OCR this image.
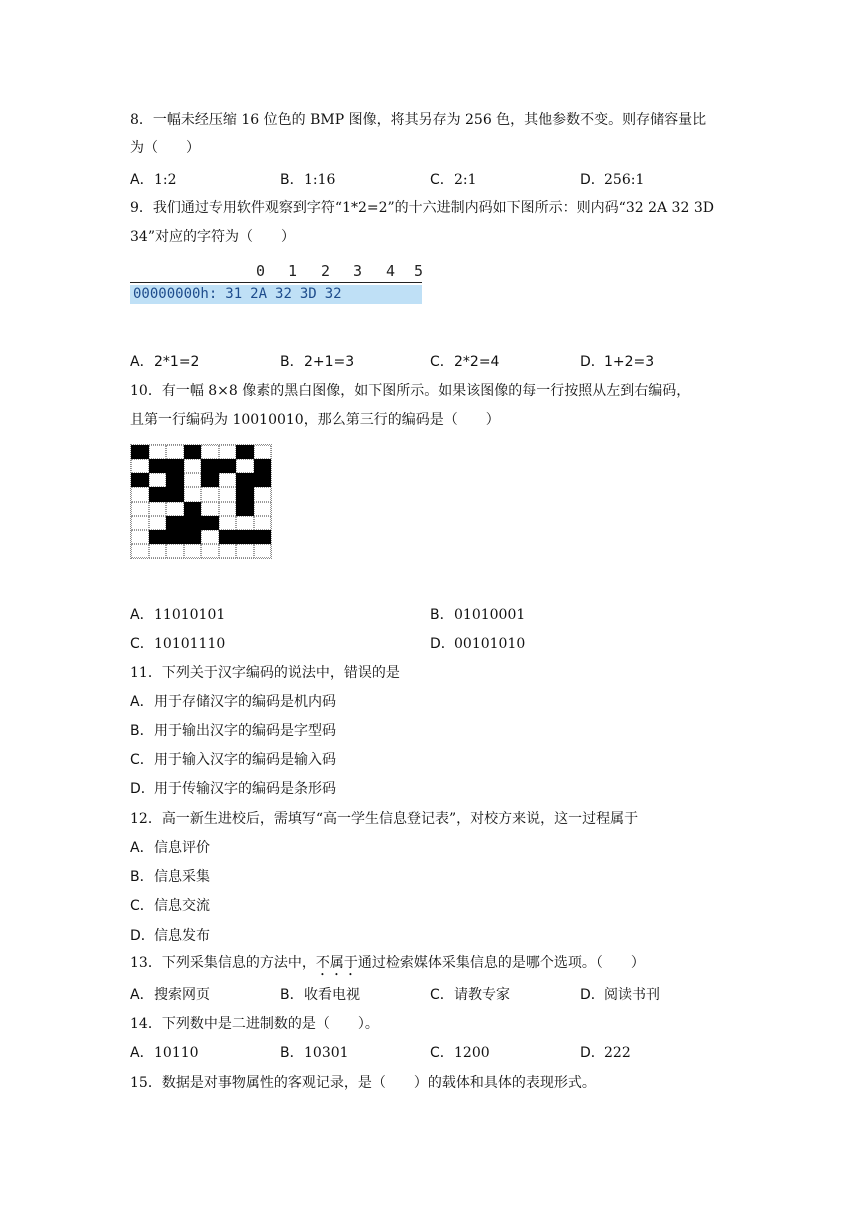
8．一幅未经压缩 16 位色的 BMP 图像，将其另存为 256 色，其他参数不变。则存储容量比
为（　　）
A．1:2	B．1:16	C．2:1	D．256:1
9．我们通过专用软件观察到字符“1*2=2”的十六进制内码如下图所示：则内码“32 2A 32 3D
34”对应的字符为（　　）
0 1 2 3 4 5
00000000h: 31 2A 32 3D 32
A．2*1=2	B．2+1=3	C．2*2=4	D．1+2=3
10．有一幅 8×8 像素的黑白图像，如下图所示。如果该图像的每一行按照从左到右编码，
且第一行编码为 10010010，那么第三行的编码是（　　）
A．11010101	B．01010001
C．10101110	D．00101010
11．下列关于汉字编码的说法中，错误的是
A．用于存储汉字的编码是机内码
B．用于输出汉字的编码是字型码
C．用于输入汉字的编码是输入码
D．用于传输汉字的编码是条形码
12．高一新生进校后，需填写“高一学生信息登记表”，对校方来说，这一过程属于
A．信息评价
B．信息采集
C．信息交流
D．信息发布
13．下列采集信息的方法中，不属于通过检索媒体采集信息的是哪个选项。（　　）
A．搜索网页	B．收看电视	C．请教专家	D．阅读书刊
14．下列数中是二进制数的是（　　）。
A．10110	B．10301	C．1200	D．222
15．数据是对事物属性的客观记录，是（　　）的载体和具体的表现形式。
